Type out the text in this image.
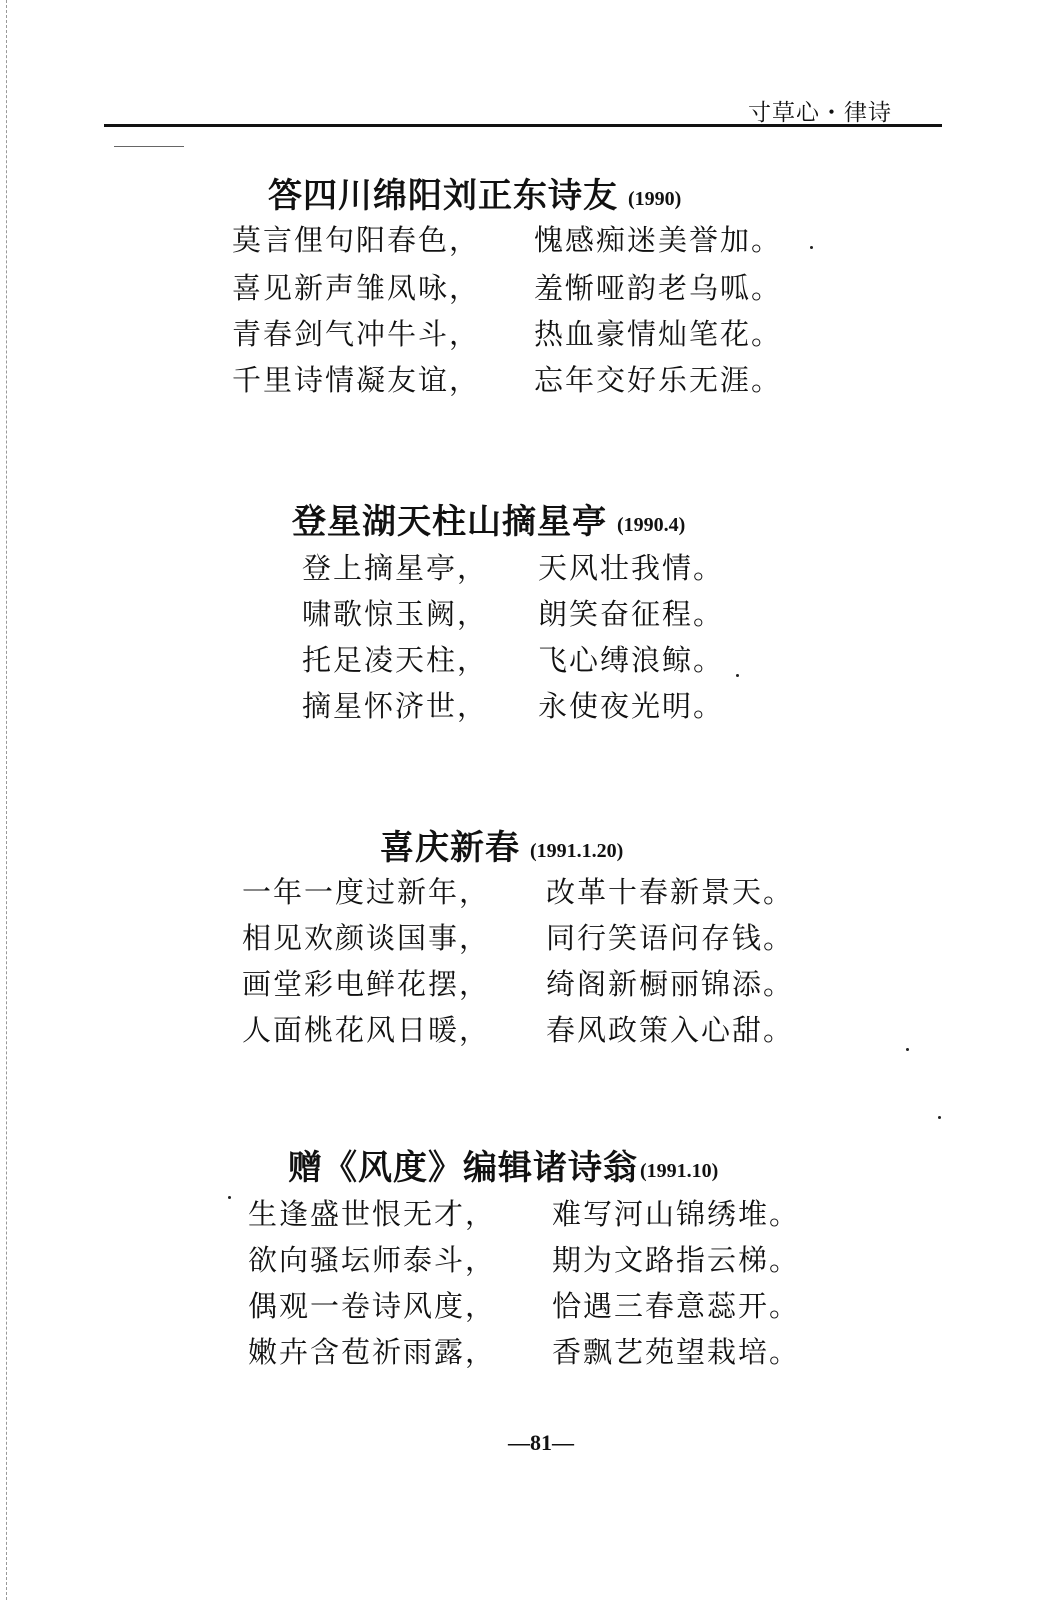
寸草心・律诗
答四川绵阳刘正东诗友 (1990)
莫言俚句阳春色， 愧感痴迷美誉加。
喜见新声雏凤咏， 羞惭哑韵老乌呱。
青春剑气冲牛斗， 热血豪情灿笔花。
千里诗情凝友谊， 忘年交好乐无涯。
登星湖天柱山摘星亭 (1990.4)
登上摘星亭， 天风壮我情。
啸歌惊玉阙， 朗笑奋征程。
托足凌天柱， 飞心缚浪鲸。
摘星怀济世， 永使夜光明。
喜庆新春 (1991.1.20)
一年一度过新年， 改革十春新景天。
相见欢颜谈国事， 同行笑语问存钱。
画堂彩电鲜花摆， 绮阁新橱丽锦添。
人面桃花风日暖， 春风政策入心甜。
赠《风度》编辑诸诗翁 (1991.10)
生逢盛世恨无才， 难写河山锦绣堆。
欲向骚坛师泰斗， 期为文路指云梯。
偶观一卷诗风度， 恰遇三春意蕊开。
嫩卉含苞祈雨露， 香飘艺苑望栽培。
—81—
